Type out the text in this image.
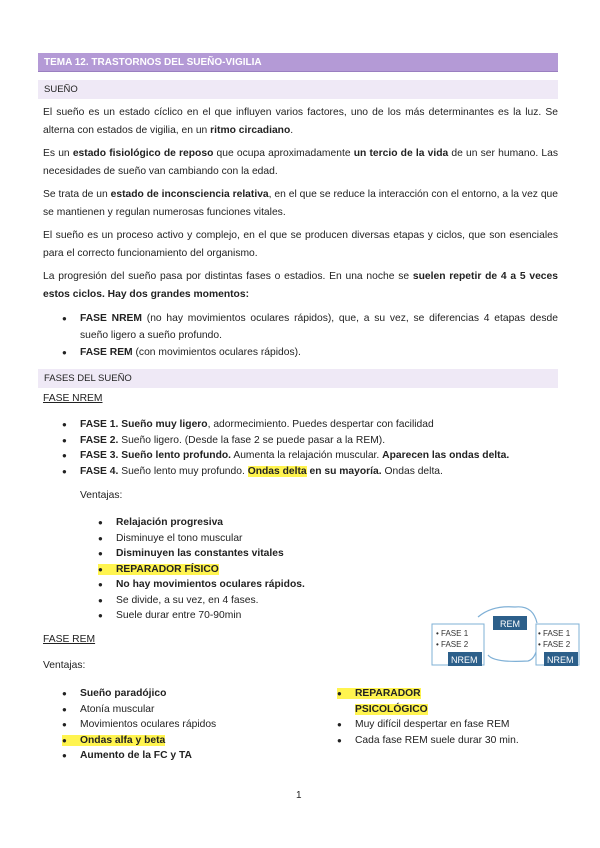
TEMA 12. TRASTORNOS DEL SUEÑO-VIGILIA
SUEÑO

El sueño es un estado cíclico en el que influyen varios factores, uno de los más determinantes es la luz. Se alterna con estados de vigilia, en un ritmo circadiano.

Es un estado fisiológico de reposo que ocupa aproximadamente un tercio de la vida de un ser humano. Las necesidades de sueño van cambiando con la edad.

Se trata de un estado de inconsciencia relativa, en el que se reduce la interacción con el entorno, a la vez que se mantienen y regulan numerosas funciones vitales.

El sueño es un proceso activo y complejo, en el que se producen diversas etapas y ciclos, que son esenciales para el correcto funcionamiento del organismo.

La progresión del sueño pasa por distintas fases o estadios. En una noche se suelen repetir de 4 a 5 veces estos ciclos. Hay dos grandes momentos:

● FASE NREM (no hay movimientos oculares rápidos), que, a su vez, se diferencias 4 etapas desde sueño ligero a sueño profundo.
● FASE REM (con movimientos oculares rápidos).
FASES DEL SUEÑO
FASE NREM
● FASE 1. Sueño muy ligero, adormecimiento. Puedes despertar con facilidad
● FASE 2. Sueño ligero. (Desde la fase 2 se puede pasar a la REM).
● FASE 3. Sueño lento profundo. Aumenta la relajación muscular. Aparecen las ondas delta.
● FASE 4. Sueño lento muy profundo. Ondas delta en su mayoría. Ondas delta.
Ventajas:
● Relajación progresiva
● Disminuye el tono muscular
● Disminuyen las constantes vitales
● REPARADOR FÍSICO
● No hay movimientos oculares rápidos.
● Se divide, a su vez, en 4 fases.
● Suele durar entre 70-90min
FASE REM
Ventajas:
● Sueño paradójico
● Atonía muscular
● Movimientos oculares rápidos
● Ondas alfa y beta
● Aumento de la FC y TA
● REPARADOR
PSICOLÓGICO
● Muy difícil despertar en fase REM
● Cada fase REM suele durar 30 min.
• FASE 1
• FASE 2
NREM
REM
• FASE 1
• FASE 2
NREM
1
